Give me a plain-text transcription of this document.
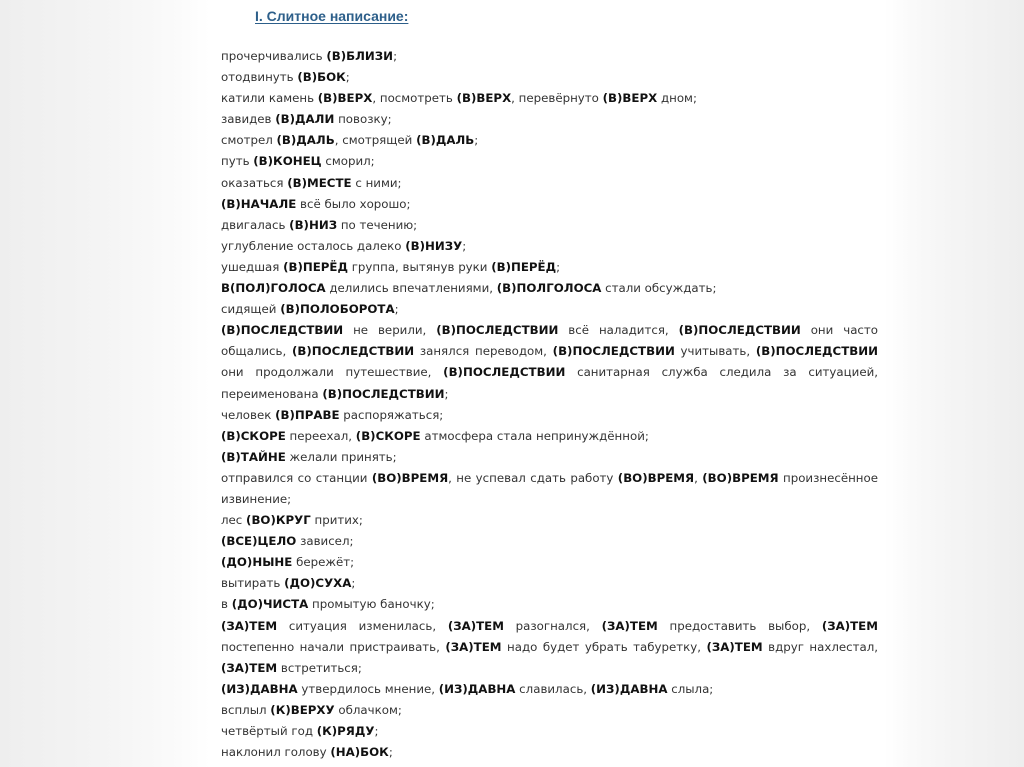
I. Слитное написание:
прочерчивались (В)БЛИЗИ;
отодвинуть (В)БОК;
катили камень (В)ВЕРХ, посмотреть (В)ВЕРХ, перевёрнуто (В)ВЕРХ дном;
завидев (В)ДАЛИ повозку;
смотрел (В)ДАЛЬ, смотрящей (В)ДАЛЬ;
путь (В)КОНЕЦ сморил;
оказаться (В)МЕСТЕ с ними;
(В)НАЧАЛЕ всё было хорошо;
двигалась (В)НИЗ по течению;
углубление осталось далеко (В)НИЗУ;
ушедшая (В)ПЕРЁД группа, вытянув руки (В)ПЕРЁД;
В(ПОЛ)ГОЛОСА делились впечатлениями, (В)ПОЛГОЛОСА стали обсуждать;
сидящей (В)ПОЛОБОРОТА;
(В)ПОСЛЕДСТВИИ не верили, (В)ПОСЛЕДСТВИИ всё наладится, (В)ПОСЛЕДСТВИИ они часто
общались, (В)ПОСЛЕДСТВИИ занялся переводом, (В)ПОСЛЕДСТВИИ учитывать, (В)ПОСЛЕДСТВИИ
они продолжали путешествие, (В)ПОСЛЕДСТВИИ санитарная служба следила за ситуацией,
переименована (В)ПОСЛЕДСТВИИ;
человек (В)ПРАВЕ распоряжаться;
(В)СКОРЕ переехал, (В)СКОРЕ атмосфера стала непринуждённой;
(В)ТАЙНЕ желали принять;
отправился со станции (ВО)ВРЕМЯ, не успевал сдать работу (ВО)ВРЕМЯ, (ВО)ВРЕМЯ произнесённое
извинение;
лес (ВО)КРУГ притих;
(ВСЕ)ЦЕЛО зависел;
(ДО)НЫНЕ бережёт;
вытирать (ДО)СУХА;
в (ДО)ЧИСТА промытую баночку;
(ЗА)ТЕМ ситуация изменилась, (ЗА)ТЕМ разогнался, (ЗА)ТЕМ предоставить выбор, (ЗА)ТЕМ
постепенно начали пристраивать, (ЗА)ТЕМ надо будет убрать табуретку, (ЗА)ТЕМ вдруг нахлестал,
(ЗА)ТЕМ встретиться;
(ИЗ)ДАВНА утвердилось мнение, (ИЗ)ДАВНА славилась, (ИЗ)ДАВНА слыла;
всплыл (К)ВЕРХУ облачком;
четвёртый год (К)РЯДУ;
наклонил голову (НА)БОК;
